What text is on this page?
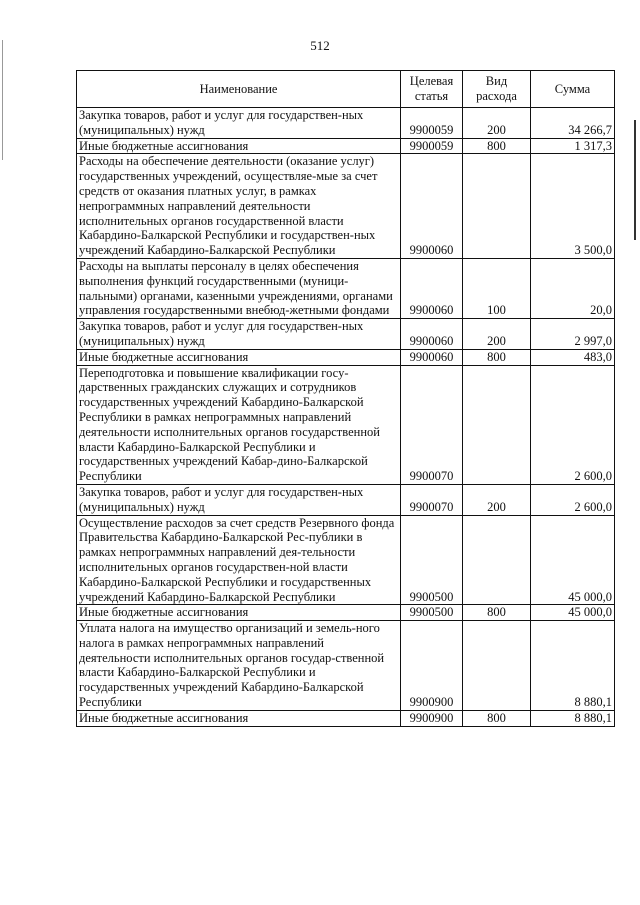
512
Наименование	Целевая статья	Вид расхода	Сумма
Закупка товаров, работ и услуг для государствен-ных (муниципальных) нужд	9900059	200	34 266,7
Иные бюджетные ассигнования	9900059	800	1 317,3
Расходы на обеспечение деятельности (оказание услуг) государственных учреждений, осуществляе-мые за счет средств от оказания платных услуг, в рамках непрограммных направлений деятельности исполнительных органов государственной власти Кабардино-Балкарской Республики и государствен-ных учреждений Кабардино-Балкарской Республики	9900060		3 500,0
Расходы на выплаты персоналу в целях обеспечения выполнения функций государственными (муници-пальными) органами, казенными учреждениями, органами управления государственными внебюд-жетными фондами	9900060	100	20,0
Закупка товаров, работ и услуг для государствен-ных (муниципальных) нужд	9900060	200	2 997,0
Иные бюджетные ассигнования	9900060	800	483,0
Переподготовка и повышение квалификации госу-дарственных гражданских служащих и сотрудников государственных учреждений Кабардино-Балкарской Республики в рамках непрограммных направлений деятельности исполнительных органов государственной власти Кабардино-Балкарской Республики и государственных учреждений Кабар-дино-Балкарской Республики	9900070		2 600,0
Закупка товаров, работ и услуг для государствен-ных (муниципальных) нужд	9900070	200	2 600,0
Осуществление расходов за счет средств Резервного фонда Правительства Кабардино-Балкарской Рес-публики в рамках непрограммных направлений дея-тельности исполнительных органов государствен-ной власти Кабардино-Балкарской Республики и государственных учреждений Кабардино-Балкарской Республики	9900500		45 000,0
Иные бюджетные ассигнования	9900500	800	45 000,0
Уплата налога на имущество организаций и земель-ного налога в рамках непрограммных направлений деятельности исполнительных органов государ-ственной власти Кабардино-Балкарской Республики и государственных учреждений Кабардино-Балкарской Республики	9900900		8 880,1
Иные бюджетные ассигнования	9900900	800	8 880,1
